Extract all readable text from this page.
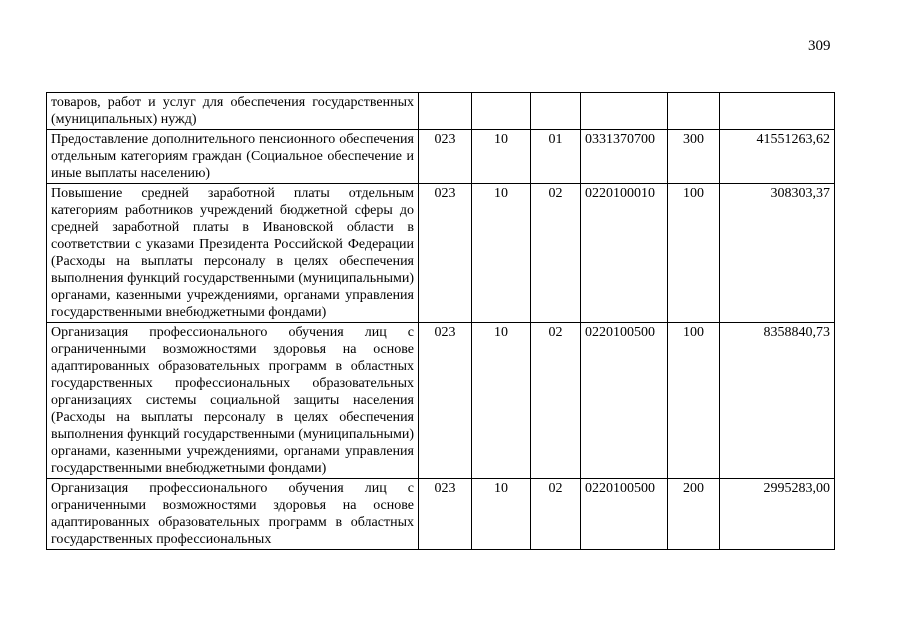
309
товаров, работ и услуг для обеспечения государственных (муниципальных) нужд)						
Предоставление дополнительного пенсионного обеспечения отдельным категориям граждан (Социальное обеспечение и иные выплаты населению)	023	10	01	0331370700	300	41551263,62
Повышение средней заработной платы отдельным категориям работников учреждений бюджетной сферы до средней заработной платы в Ивановской области в соответствии с указами Президента Российской Федерации (Расходы на выплаты персоналу в целях обеспечения выполнения функций государственными (муниципальными) органами, казенными учреждениями, органами управления государственными внебюджетными фондами)	023	10	02	0220100010	100	308303,37
Организация профессионального обучения лиц с ограниченными возможностями здоровья на основе адаптированных образовательных программ в областных государственных профессиональных образовательных организациях системы социальной защиты населения (Расходы на выплаты персоналу в целях обеспечения выполнения функций государственными (муниципальными) органами, казенными учреждениями, органами управления государственными внебюджетными фондами)	023	10	02	0220100500	100	8358840,73
Организация профессионального обучения лиц с ограниченными возможностями здоровья на основе адаптированных образовательных программ в областных государственных профессиональных	023	10	02	0220100500	200	2995283,00
